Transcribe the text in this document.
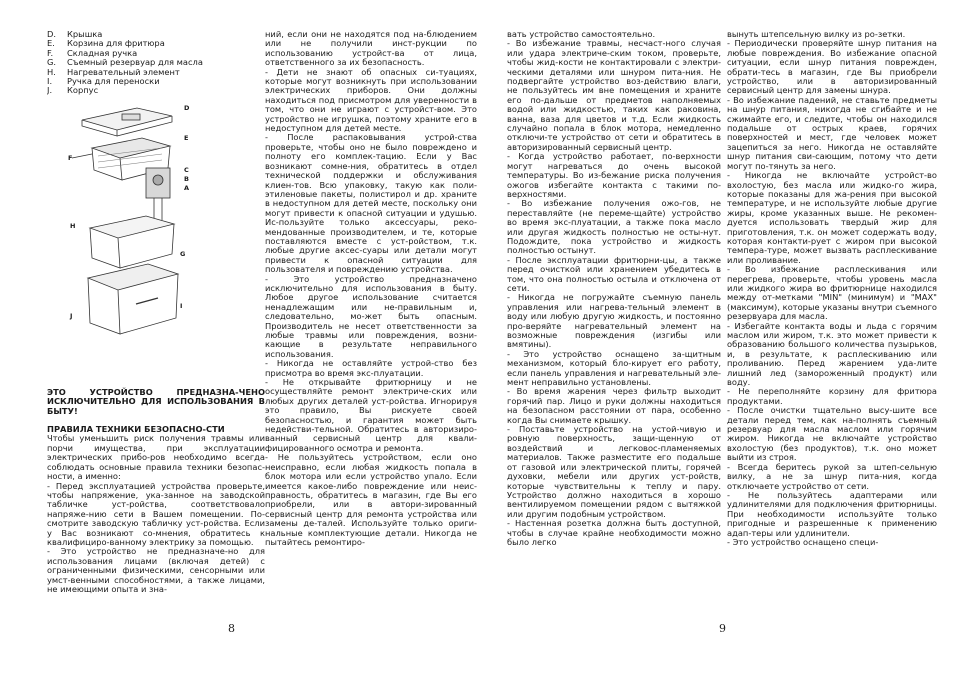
D.	Крышка
E.	Корзина для фритюра
F.	Складная ручка
G.	Съемный резервуар для масла
H.	Нагревательный элемент
I.	Ручка для переноски
J.	Корпус

ЭТО УСТРОЙСТВО ПРЕДНАЗНА-ЧЕНО ИСКЛЮЧИТЕЛЬНО ДЛЯ ИСПОЛЬЗОВАНИЯ В БЫТУ!

ПРАВИЛА ТЕХНИКИ БЕЗОПАСНО-СТИ

Чтобы уменьшить риск получения травмы или порчи имущества, при эксплуатации электрических прибо-ров необходимо всегда соблюдать основные правила техники безопас-ности, а именно:

- Перед эксплуатацией устройства проверьте, чтобы напряжение, ука-занное на заводской табличке уст-ройства, соответствовало напряже-нию сети в Вашем помещении. По-смотрите заводскую табличку уст-ройства. Если у Вас возникают со-мнения, обратитесь к квалифициро-ванному электрику за помощью.

- Это устройство не предназначе-но для использования лицами (включая детей) с ограниченными физическими, сенсорными или умст-венными способностями, а также лицами, не имеющими опыта и зна-

D
E
F
C
B
A
H
G
I
J

ний, если они не находятся под на-блюдением или не получили инст-рукции по использованию устройст-ва от лица, ответственного за их безопасность.

- Дети не знают об опасных си-туациях, которые могут возникнуть при использовании электрических приборов. Они должны находиться под присмотром для уверенности в том, что они не играют с устройст-вом. Это устройство не игрушка, поэтому храните его в недоступном для детей месте.

- После распаковывания устрой-ства проверьте, чтобы оно не было повреждено и полноту его комплек-тацию. Если у Вас возникают сомне-ния, обратитесь в отдел технической поддержки и обслуживания клиен-тов. Всю упаковку, такую как поли-этиленовые пакеты, полистирол и др. храните в недоступном для детей месте, поскольку они могут привести к опасной ситуации и удушью. Ис-пользуйте только аксессуары, реко-мендованные производителем, и те, которые поставляются вместе с уст-ройством, т.к. любые другие аксес-суары или детали могут привести к опасной ситуации для пользователя и повреждению устройства.

- Это устройство предназначено исключительно для использования в быту. Любое другое использование считается ненадлежащим или не-правильным и, следовательно, мо-жет быть опасным. Производитель не несет ответственности за любые травмы или повреждения, возни-кающие в результате неправильного использования.

- Никогда не оставляйте устрой-ство без присмотра во время экс-плуатации.

- Не открывайте фритюрницу и не осуществляйте ремонт электриче-ских или любых других деталей уст-ройства. Игнорируя это правило, Вы рискуете своей безопасностью, и гарантия может быть недействи-тельной. Обратитесь в авторизиро-ванный сервисный центр для квали-фицированного осмотра и ремонта.

- Не пользуйтесь устройством, если оно неисправно, если любая жидкость попала в блок мотора или если устройство упало. Если имеется какое-либо повреждение или неис-правность, обратитесь в магазин, где Вы его приобрели, или в автори-зированный сервисный центр для ремонта устройства или замены де-талей. Используйте только ориги-нальные комплектующие детали. Никогда не пытайтесь ремонтиро-

вать устройство самостоятельно.

- Во избежание травмы, несчаст-ного случая или удара электриче-ским током, проверьте, чтобы жид-кости не контактировали с электри-ческими деталями или шнуром пита-ния. Не подвергайте устройство воз-действию влаги, не пользуйтесь им вне помещения и храните его по-дальше от предметов наполняемых водой или жидкостью, таких как раковина, ванна, ваза для цветов и т.д. Если жидкость случайно попала в блок мотора, немедленно отключи-те устройство от сети и обратитесь в авторизированный сервисный центр.

- Когда устройство работает, по-верхности могут нагреваться до очень высокой температуры. Во из-бежание риска получения ожогов избегайте контакта с такими по-верхностями.

- Во избежание получения ожо-гов, не переставляйте (не переме-щайте) устройство во время экс-плуатации, а также пока масло или другая жидкость полностью не осты-нут. Подождите, пока устройство и жидкость полностью остынут.

- После эксплуатации фритюрни-цы, а также перед очисткой или хранением убедитесь в том, что она полностью остыла и отключена от сети.

- Никогда не погружайте съемную панель управления или нагрева-тельный элемент в воду или любую другую жидкость, и постоянно про-веряйте нагревательный элемент на возможные повреждения (изгибы или вмятины).

- Это устройство оснащено за-щитным механизмом, который бло-кирует его работу, если панель управления и нагревательный эле-мент неправильно установлены.

- Во время жарения через фильтр выходит горячий пар. Лицо и руки должны находиться на безопасном расстоянии от пара, особенно когда Вы снимаете крышку.

- Поставьте устройство на устой-чивую и ровную поверхность, защи-щенную от воздействий и легковос-пламеняемых материалов. Также разместите его подальше от газовой или электрической плиты, горячей духовки, мебели или других уст-ройств, которые чувствительны к теплу и пару. Устройство должно находиться в хорошо вентилируемом помещении рядом с вытяжкой или другим подобным устройством.

- Настенная розетка должна быть доступной, чтобы в случае крайне необходимости можно было легко

вынуть штепсельную вилку из ро-зетки.

- Периодически проверяйте шнур питания на любые повреждения. Во избежание опасной ситуации, если шнур питания поврежден, обрати-тесь в магазин, где Вы приобрели устройство, или в авторизированный сервисный центр для замены шнура.

- Во избежание падений, не ставьте предметы на шнур питания, никогда не сгибайте и не сжимайте его, и следите, чтобы он находился подальше от острых краев, горячих поверхностей и мест, где человек может зацепиться за него. Никогда не оставляйте шнур питания сви-сающим, потому что дети могут по-тянуть за него.

- Никогда не включайте устройст-во вхолостую, без масла или жидко-го жира, которые показаны для жа-рения при высокой температуре, и не используйте любые другие жиры, кроме указанных выше. Не рекомен-дуется использовать твердый жир для приготовления, т.к. он может содержать воду, которая контакти-рует с жиром при высокой темпера-туре, может вызвать расплескивание или проливание.

- Во избежание расплескивания или перегрева, проверьте, чтобы уровень масла или жидкого жира во фритюрнице находился между от-метками "MIN" (минимум) и "MAX" (максимум), которые указаны внутри съемного резервуара для масла.

- Избегайте контакта воды и льда с горячим маслом или жиром, т.к. это может привести к образованию большого количества пузырьков, и, в результате, к расплескиванию или проливанию. Перед жарением уда-лите лишний лед (замороженный продукт) или воду.

- Не переполняйте корзину для фритюра продуктами.

- После очистки тщательно высу-шите все детали перед тем, как на-полнять съемный резервуар для масла маслом или горячим жиром. Никогда не включайте устройство вхолостую (без продуктов), т.к. оно может выйти из строя.

- Всегда беритесь рукой за штеп-сельную вилку, а не за шнур пита-ния, когда отключаете устройство от сети.

- Не пользуйтесь адаптерами или удлинителями для подключения фритюрницы. При необходимости используйте только пригодные и разрешенные к применению адап-теры или удлинители.

- Это устройство оснащено специ-

8	9
